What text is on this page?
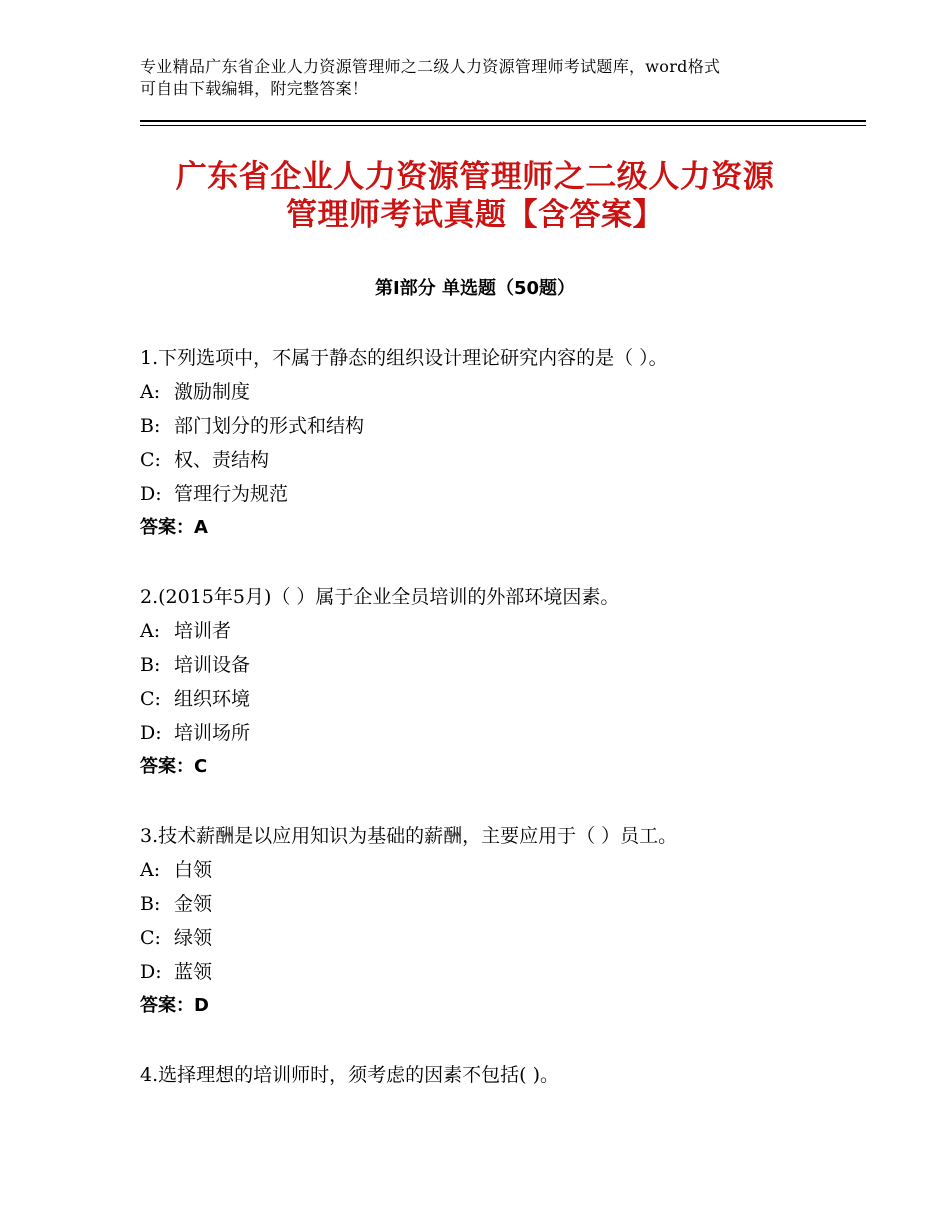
专业精品广东省企业人力资源管理师之二级人力资源管理师考试题库，word格式
可自由下载编辑，附完整答案！
广东省企业人力资源管理师之二级人力资源
管理师考试真题【含答案】
第Ⅰ部分 单选题（50题）
1.下列选项中，不属于静态的组织设计理论研究内容的是（ ）。
A: 激励制度
B: 部门划分的形式和结构
C: 权、责结构
D: 管理行为规范
答案：A
2.(2015年5月)（ ）属于企业全员培训的外部环境因素。
A: 培训者
B: 培训设备
C: 组织环境
D: 培训场所
答案：C
3.技术薪酬是以应用知识为基础的薪酬，主要应用于（ ）员工。
A: 白领
B: 金领
C: 绿领
D: 蓝领
答案：D
4.选择理想的培训师时，须考虑的因素不包括( )。
